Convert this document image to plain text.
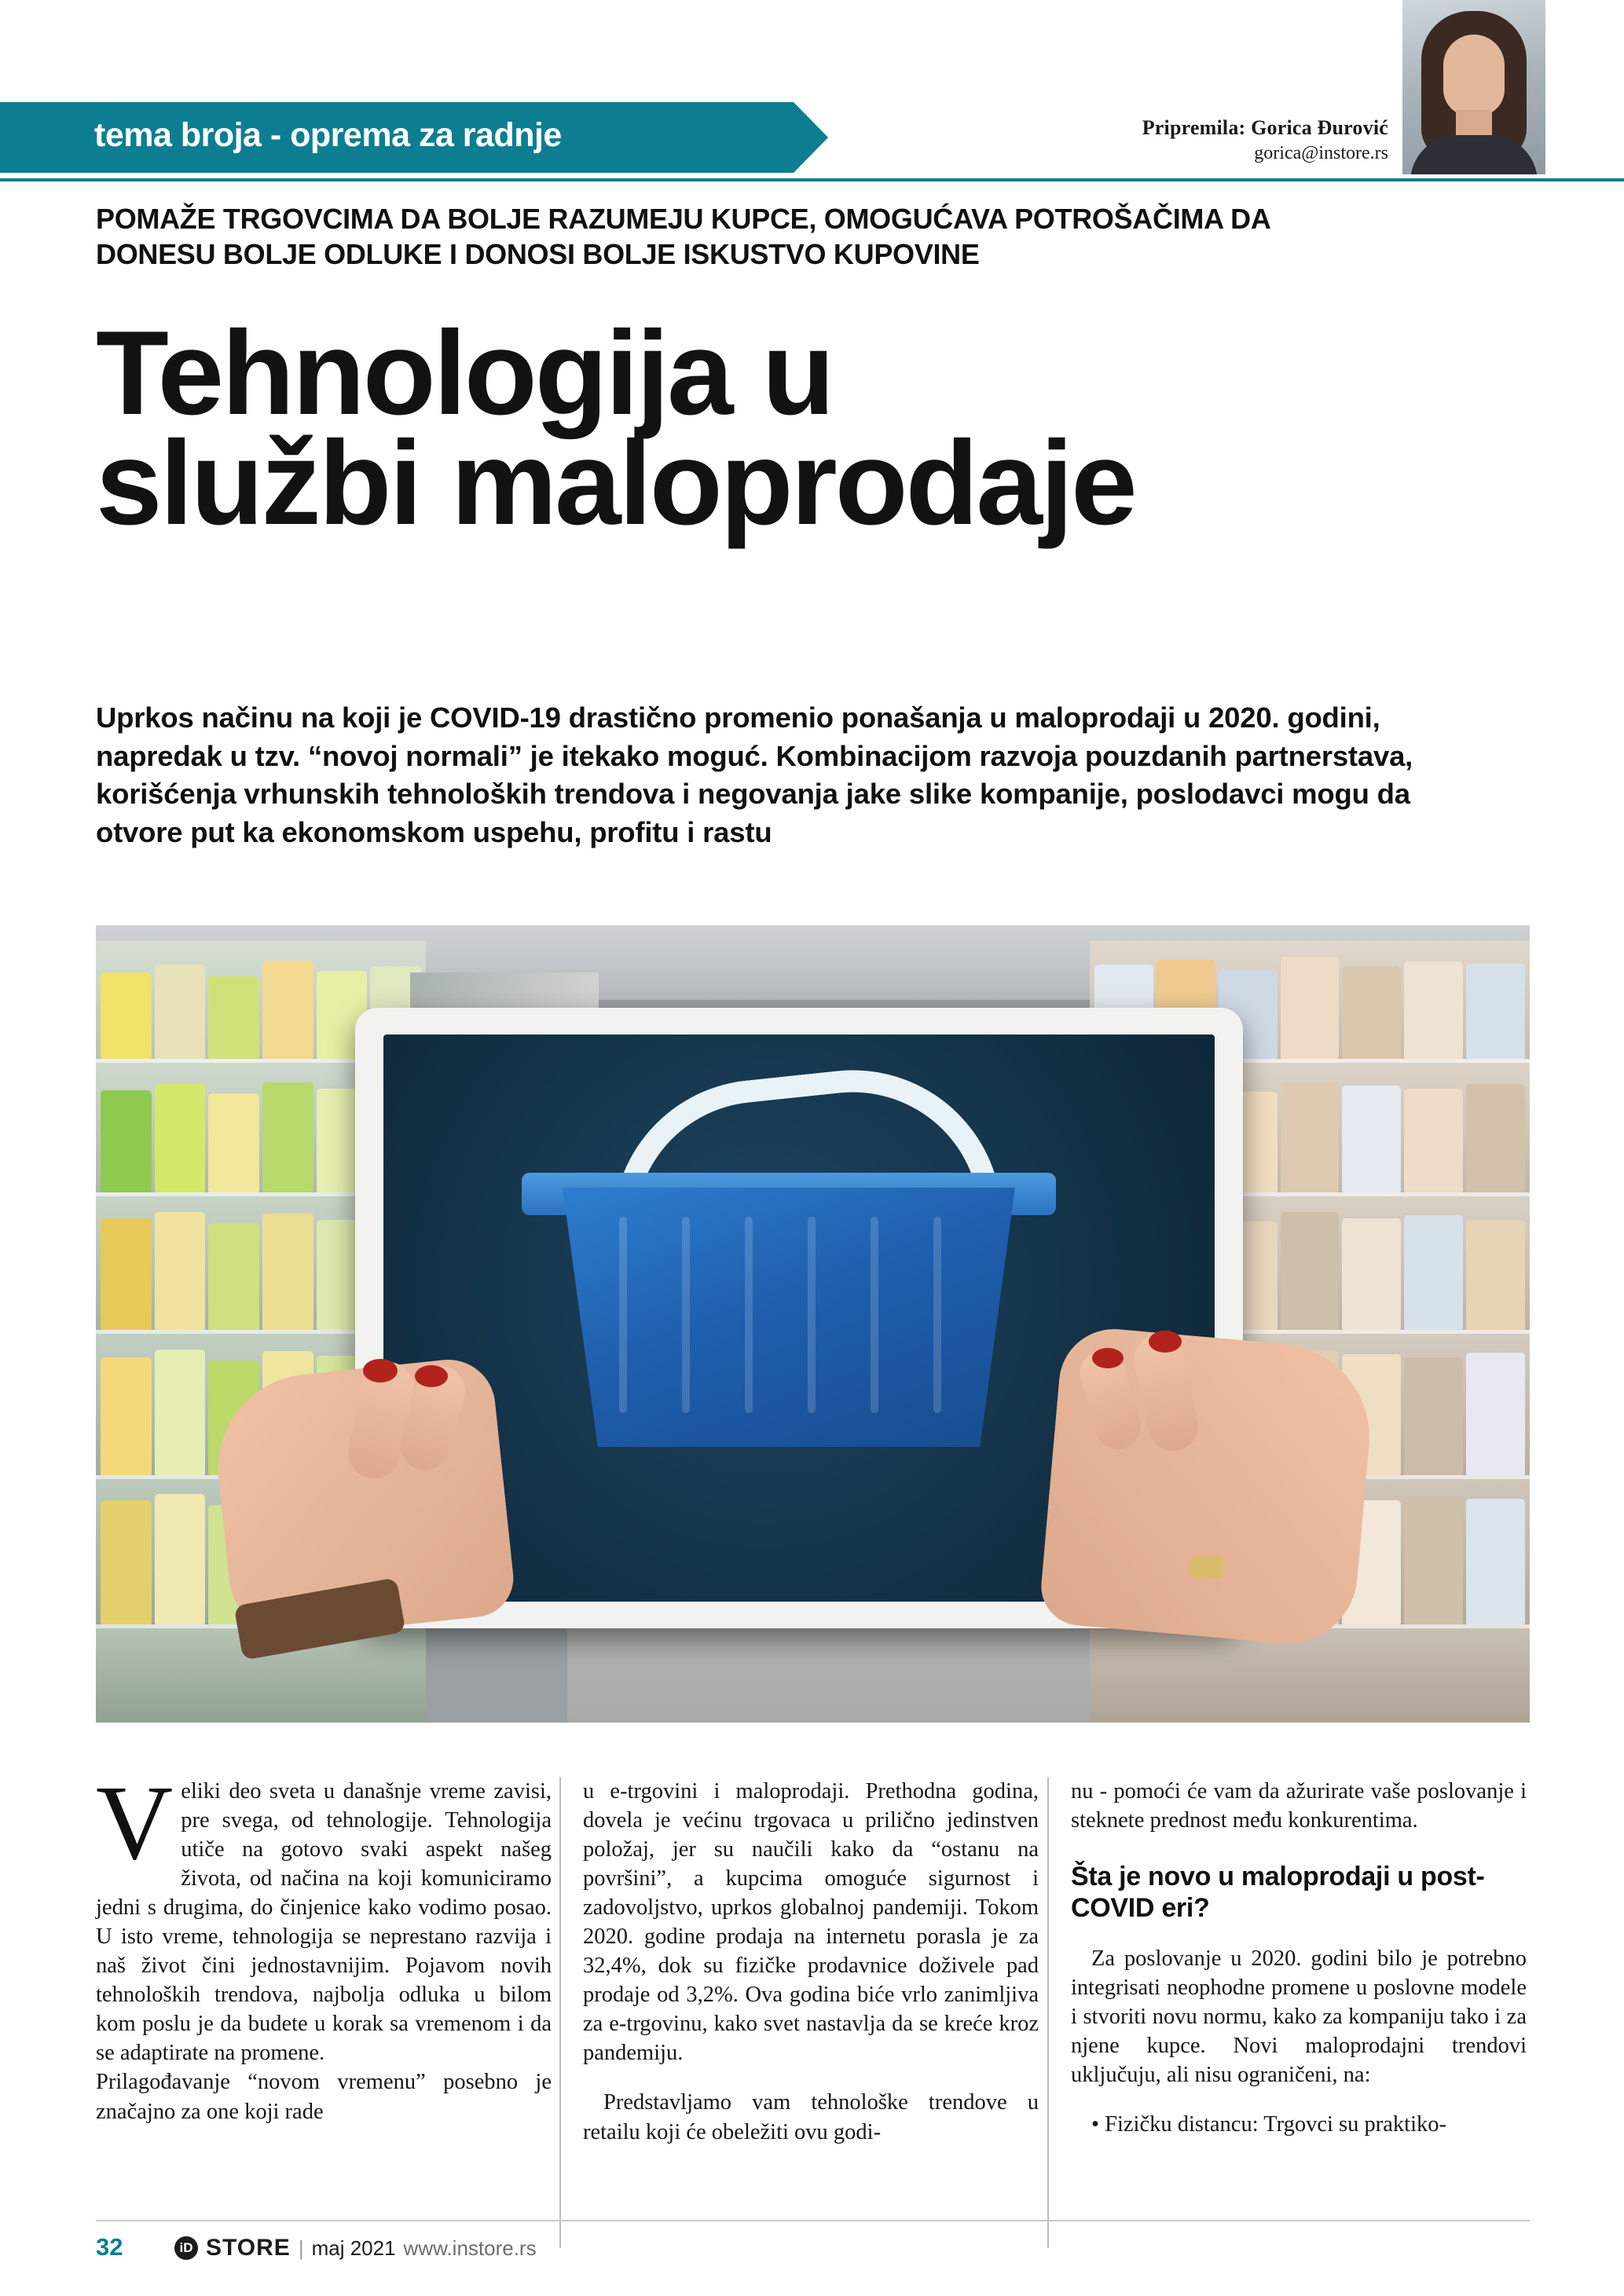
tema broja - oprema za radnje	Pripremila: Gorica Đurović
gorica@instore.rs
POMAŽE TRGOVCIMA DA BOLJE RAZUMEJU KUPCE, OMOGUĆAVA POTROŠAČIMA DA DONESU BOLJE ODLUKE I DONOSI BOLJE ISKUSTVO KUPOVINE
Tehnologija u
službi maloprodaje
Uprkos načinu na koji je COVID-19 drastično promenio ponašanja u maloprodaji u 2020. godini, napredak u tzv. “novoj normali” je itekako moguć. Kombinacijom razvoja pouzdanih partnerstava, korišćenja vrhunskih tehnoloških trendova i negovanja jake slike kompanije, poslodavci mogu da otvore put ka ekonomskom uspehu, profitu i rastu
V eliki deo sveta u današnje vreme zavisi, pre svega, od tehnologije. Tehnologija utiče na gotovo svaki aspekt našeg života, od načina na koji komuniciramo jedni s drugima, do činjenice kako vodimo posao. U isto vreme, tehnologija se neprestano razvija i naš život čini jednostavnijim. Pojavom novih tehnoloških trendova, najbolja odluka u bilom kom poslu je da budete u korak sa vremenom i da se adaptirate na promene.

Prilagođavanje “novom vremenu” posebno je značajno za one koji rade

u e-trgovini i maloprodaji. Prethodna godina, dovela je većinu trgovaca u prilično jedinstven položaj, jer su naučili kako da “ostanu na površini”, a kupcima omoguće sigurnost i zadovoljstvo, uprkos globalnoj pandemiji. Tokom 2020. godine prodaja na internetu porasla je za 32,4%, dok su fizičke prodavnice doživele pad prodaje od 3,2%. Ova godina biće vrlo zanimljiva za e-trgovinu, kako svet nastavlja da se kreće kroz pandemiju.

Predstavljamo vam tehnološke trendove u retailu koji će obeležiti ovu godi-

nu - pomoći će vam da ažurirate vaše poslovanje i steknete prednost među konkurentima.

Šta je novo u maloprodaji u post-COVID eri?

Za poslovanje u 2020. godini bilo je potrebno integrisati neophodne promene u poslovne modele i stvoriti novu normu, kako za kompaniju tako i za njene kupce. Novi maloprodajni trendovi uključuju, ali nisu ograničeni, na:

• Fizičku distancu: Trgovci su praktiko-

32	iD STORE | maj 2021 www.instore.rs
